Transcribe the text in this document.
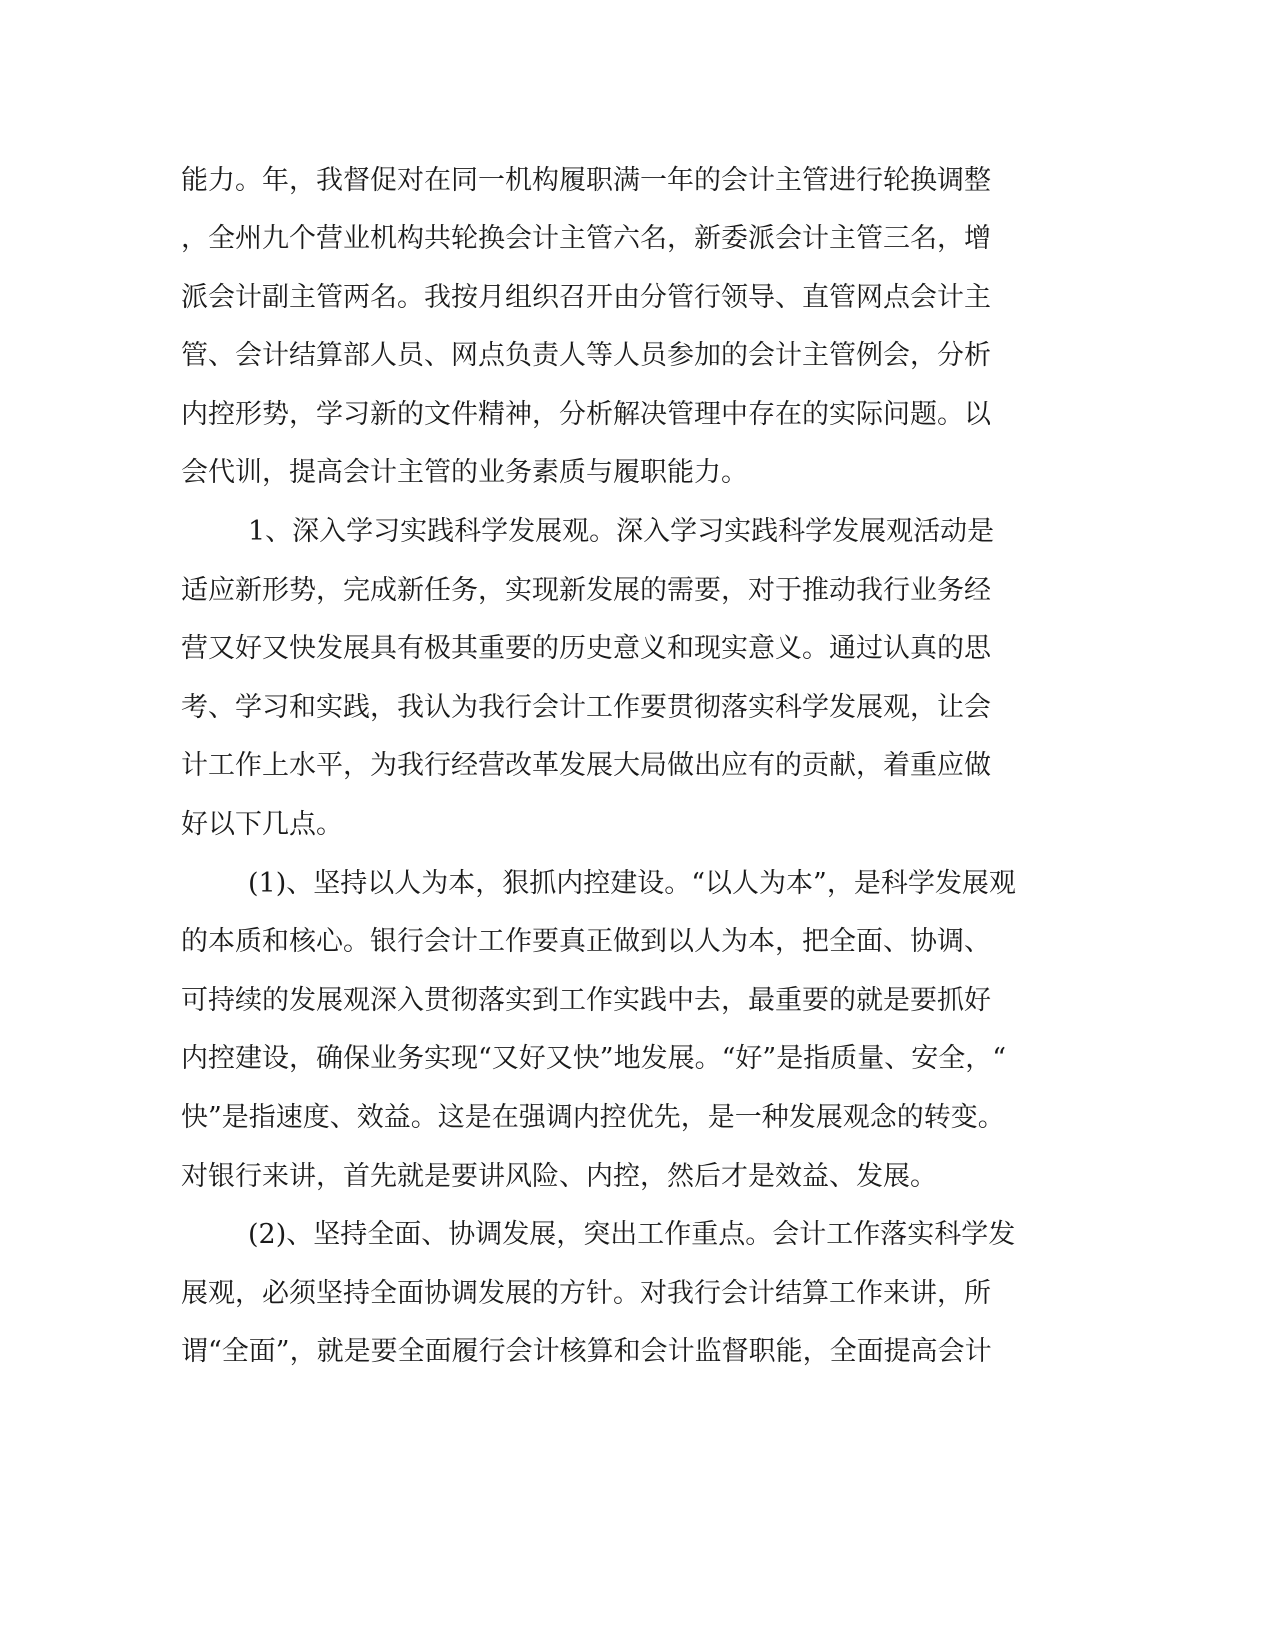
能力。年，我督促对在同一机构履职满一年的会计主管进行轮换调整
，全州九个营业机构共轮换会计主管六名，新委派会计主管三名，增
派会计副主管两名。我按月组织召开由分管行领导、直管网点会计主
管、会计结算部人员、网点负责人等人员参加的会计主管例会，分析
内控形势，学习新的文件精神，分析解决管理中存在的实际问题。以
会代训，提高会计主管的业务素质与履职能力。
1、深入学习实践科学发展观。深入学习实践科学发展观活动是
适应新形势，完成新任务，实现新发展的需要，对于推动我行业务经
营又好又快发展具有极其重要的历史意义和现实意义。通过认真的思
考、学习和实践，我认为我行会计工作要贯彻落实科学发展观，让会
计工作上水平，为我行经营改革发展大局做出应有的贡献，着重应做
好以下几点。
(1)、坚持以人为本，狠抓内控建设。“以人为本”，是科学发展观
的本质和核心。银行会计工作要真正做到以人为本，把全面、协调、
可持续的发展观深入贯彻落实到工作实践中去，最重要的就是要抓好
内控建设，确保业务实现“又好又快”地发展。“好”是指质量、安全，“
快”是指速度、效益。这是在强调内控优先，是一种发展观念的转变。
对银行来讲，首先就是要讲风险、内控，然后才是效益、发展。
(2)、坚持全面、协调发展，突出工作重点。会计工作落实科学发
展观，必须坚持全面协调发展的方针。对我行会计结算工作来讲，所
谓“全面”，就是要全面履行会计核算和会计监督职能，全面提高会计
